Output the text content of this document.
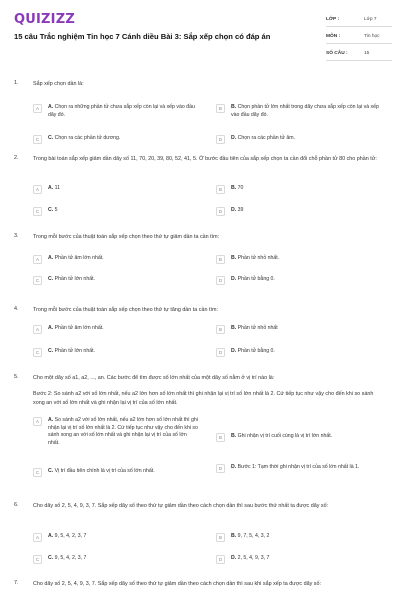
QUIZIZZ
15 câu Trắc nghiệm Tin học 7 Cánh diều Bài 3: Sắp xếp chọn có đáp án
LỚP :	Lớp 7
MÔN :	Tin học
SỐ CÂU :	15
1.	Sắp xếp chọn dần là:
A	A. Chọn ra những phần tử chưa sắp xếp còn lại và xếp vào đầu dãy đó.
B	B. Chọn phần tử lớn nhất trong dãy chưa sắp xếp còn lại và xếp vào đầu dãy đó.
C	C. Chọn ra các phần tử dương.	D	D. Chọn ra các phần tử âm.
2.	Trong bài toán sắp xếp giảm dần dãy số 11, 70, 20, 39, 80, 52, 41, 5. Ở bước đầu tiên của sắp xếp chọn ta cần đổi chỗ phần tử 80 cho phần tử:
A	A. 11	B	B. 70
C	C. 5	D	D. 39
3.	Trong mỗi bước của thuật toán sắp xếp chọn theo thứ tự giảm dần ta cần tìm:
A	A. Phần tử âm lớn nhất.	B	B. Phần tử nhỏ nhất.
C	C. Phần tử lớn nhất.	D	D. Phần tử bằng 0.
4.	Trong mỗi bước của thuật toán sắp xếp chọn theo thứ tự tăng dần ta cần tìm:
A	A. Phần tử âm lớn nhất.	B	B. Phần tử nhỏ nhất
C	C. Phần tử lớn nhất.	D	D. Phần tử bằng 0.
5.	Cho một dãy số a1, a2, ..., an. Các bước để tìm được số lớn nhất của một dãy số nằm ở vị trí nào là:
Bước 2: So sánh a2 với số lớn nhất, nếu a2 lớn hơn số lớn nhất thì ghi nhận lại vị trí số lớn nhất là 2. Cứ tiếp tục như vậy cho đến khi so sánh xong an với số lớn nhất và ghi nhận lại vị trí của số lớn nhất.
A	A. So sánh a2 với số lớn nhất, nếu a2 lớn hơn số lớn nhất thì ghi nhận lại vị trí số lớn nhất là 2. Cứ tiếp tục như vậy cho đến khi so sánh xong an với số lớn nhất và ghi nhận lại vị trí của số lớn nhất.
B	B. Ghi nhận vị trí cuối cùng là vị trí lớn nhất.
C	C. Vị trí đầu tiên chính là vị trí của số lớn nhất.	D	D. Bước 1: Tạm thời ghi nhận vị trí của số lớn nhất là 1.
6.	Cho dãy số 2, 5, 4, 9, 3, 7. Sắp xếp dãy số theo thứ tự giảm dần theo cách chọn dần thì sau bước thứ nhất ta được dãy số:
A	A. 9, 5, 4, 2, 3, 7	B	B. 9, 7, 5, 4, 3, 2
C	C. 9, 5, 4, 2, 3, 7	D	D. 2, 5, 4, 9, 3, 7
7.	Cho dãy số 2, 5, 4, 9, 3, 7. Sắp xếp dãy số theo thứ tự giảm dần theo cách chọn dần thì sau khi sắp xếp ta được dãy số:
